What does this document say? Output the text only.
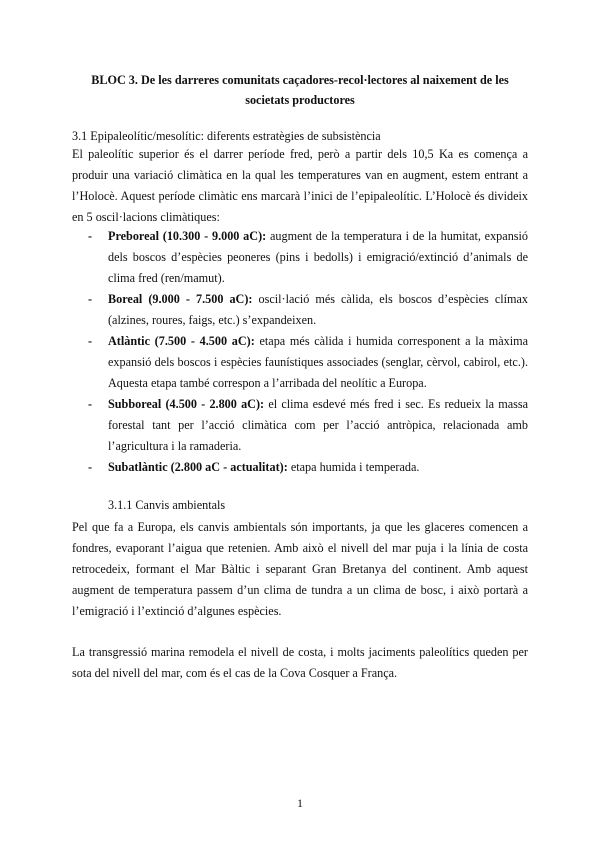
BLOC 3. De les darreres comunitats caçadores-recol·lectores al naixement de les societats productores
3.1 Epipaleolític/mesolític: diferents estratègies de subsistència
El paleolític superior és el darrer període fred, però a partir dels 10,5 Ka es comença a produir una variació climàtica en la qual les temperatures van en augment, estem entrant a l’Holocè. Aquest període climàtic ens marcarà l’inici de l’epipaleolític. L’Holocè és divideix en 5 oscil·lacions climàtiques:
- Preboreal (10.300 - 9.000 aC): augment de la temperatura i de la humitat, expansió dels boscos d’espècies peoneres (pins i bedolls) i emigració/extinció d’animals de clima fred (ren/mamut).
- Boreal (9.000 - 7.500 aC): oscil·lació més càlida, els boscos d’espècies clímax (alzines, roures, faigs, etc.) s’expandeixen.
- Atlàntic (7.500 - 4.500 aC): etapa més càlida i humida corresponent a la màxima expansió dels boscos i espècies faunístiques associades (senglar, cèrvol, cabirol, etc.). Aquesta etapa també correspon a l’arribada del neolític a Europa.
- Subboreal (4.500 - 2.800 aC): el clima esdevé més fred i sec. Es redueix la massa forestal tant per l’acció climàtica com per l’acció antròpica, relacionada amb l’agricultura i la ramaderia.
- Subatlàntic (2.800 aC - actualitat): etapa humida i temperada.
3.1.1 Canvis ambientals
Pel que fa a Europa, els canvis ambientals són importants, ja que les glaceres comencen a fondres, evaporant l’aigua que retenien. Amb això el nivell del mar puja i la línia de costa retrocedeix, formant el Mar Bàltic i separant Gran Bretanya del continent. Amb aquest augment de temperatura passem d’un clima de tundra a un clima de bosc, i això portarà a l’emigració i l’extinció d’algunes espècies.
La transgressió marina remodela el nivell de costa, i molts jaciments paleolítics queden per sota del nivell del mar, com és el cas de la Cova Cosquer a França.
1
